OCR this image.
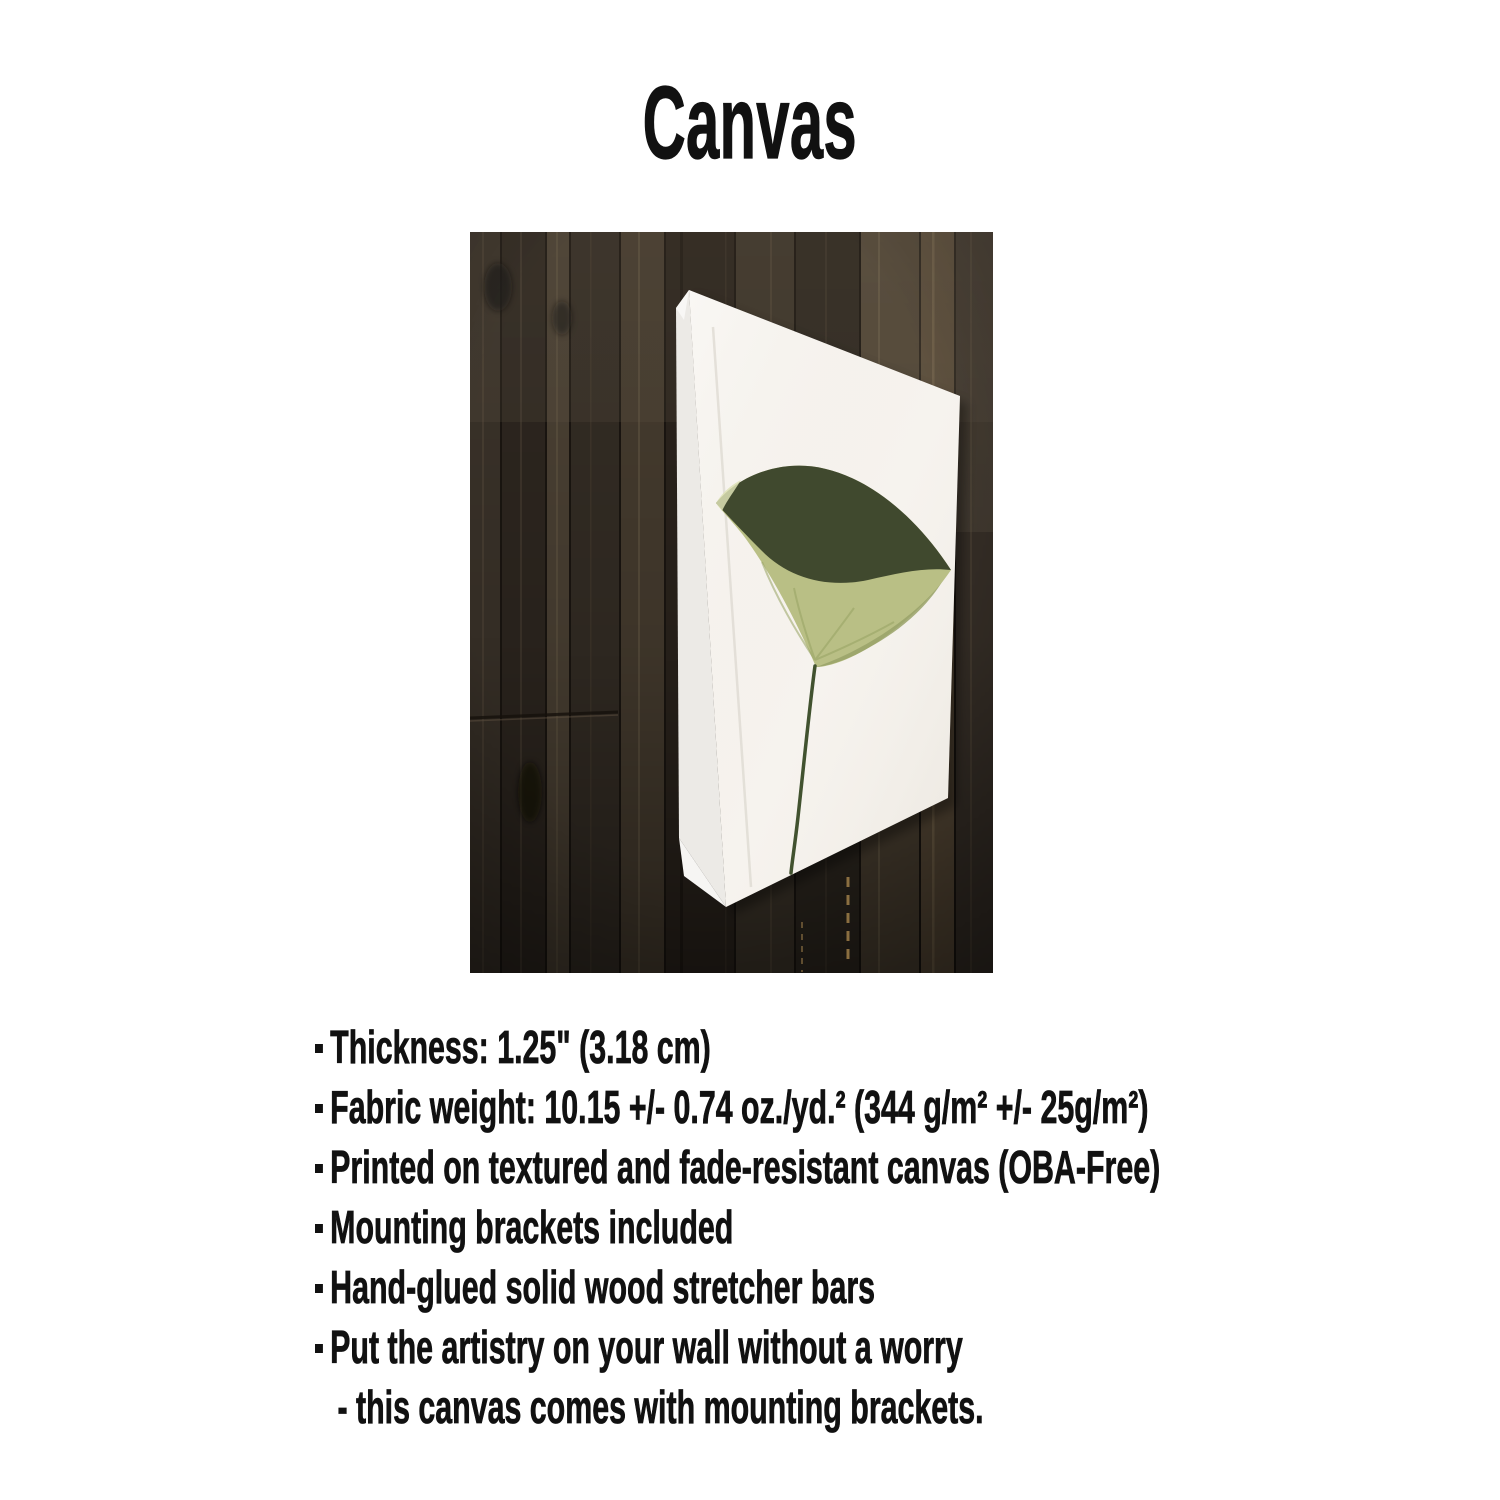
Canvas
Thickness: 1.25" (3.18 cm)
Fabric weight: 10.15 +/- 0.74 oz./yd.² (344 g/m² +/- 25g/m²)
Printed on textured and fade-resistant canvas (OBA-Free)
Mounting brackets included
Hand-glued solid wood stretcher bars
Put the artistry on your wall without a worry
- this canvas comes with mounting brackets.
